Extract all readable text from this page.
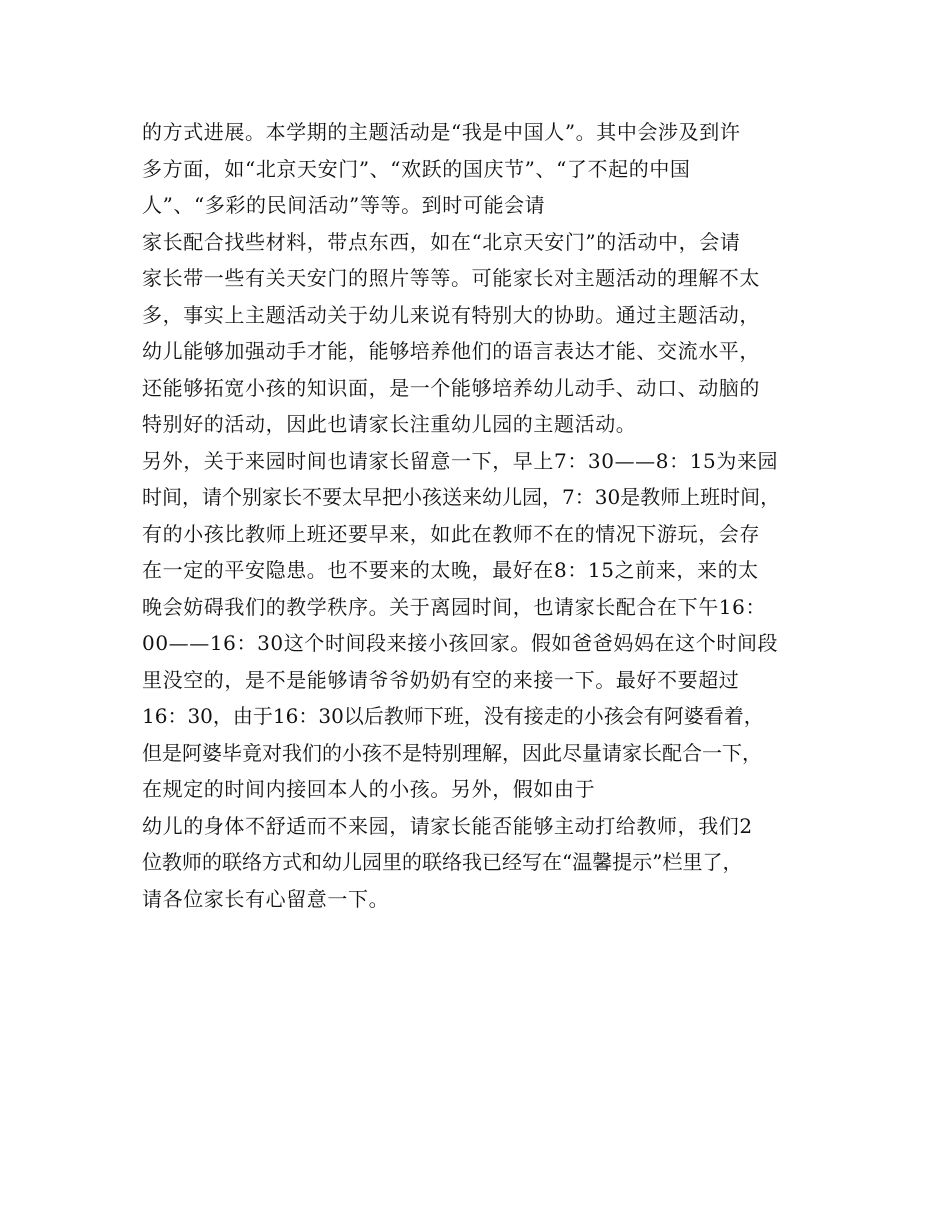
的方式进展。本学期的主题活动是“我是中国人”。其中会涉及到许
多方面，如“北京天安门”、“欢跃的国庆节”、“了不起的中国
人”、“多彩的民间活动”等等。到时可能会请
家长配合找些材料，带点东西，如在“北京天安门”的活动中，会请
家长带一些有关天安门的照片等等。可能家长对主题活动的理解不太
多，事实上主题活动关于幼儿来说有特别大的协助。通过主题活动，
幼儿能够加强动手才能，能够培养他们的语言表达才能、交流水平，
还能够拓宽小孩的知识面，是一个能够培养幼儿动手、动口、动脑的
特别好的活动，因此也请家长注重幼儿园的主题活动。
另外，关于来园时间也请家长留意一下，早上7：30——8：15为来园
时间，请个别家长不要太早把小孩送来幼儿园，7：30是教师上班时间，
有的小孩比教师上班还要早来，如此在教师不在的情况下游玩，会存
在一定的平安隐患。也不要来的太晚，最好在8：15之前来，来的太
晚会妨碍我们的教学秩序。关于离园时间，也请家长配合在下午16：
00——16：30这个时间段来接小孩回家。假如爸爸妈妈在这个时间段
里没空的，是不是能够请爷爷奶奶有空的来接一下。最好不要超过
16：30，由于16：30以后教师下班，没有接走的小孩会有阿婆看着，
但是阿婆毕竟对我们的小孩不是特别理解，因此尽量请家长配合一下，
在规定的时间内接回本人的小孩。另外，假如由于
幼儿的身体不舒适而不来园，请家长能否能够主动打给教师，我们2
位教师的联络方式和幼儿园里的联络我已经写在“温馨提示”栏里了，
请各位家长有心留意一下。
